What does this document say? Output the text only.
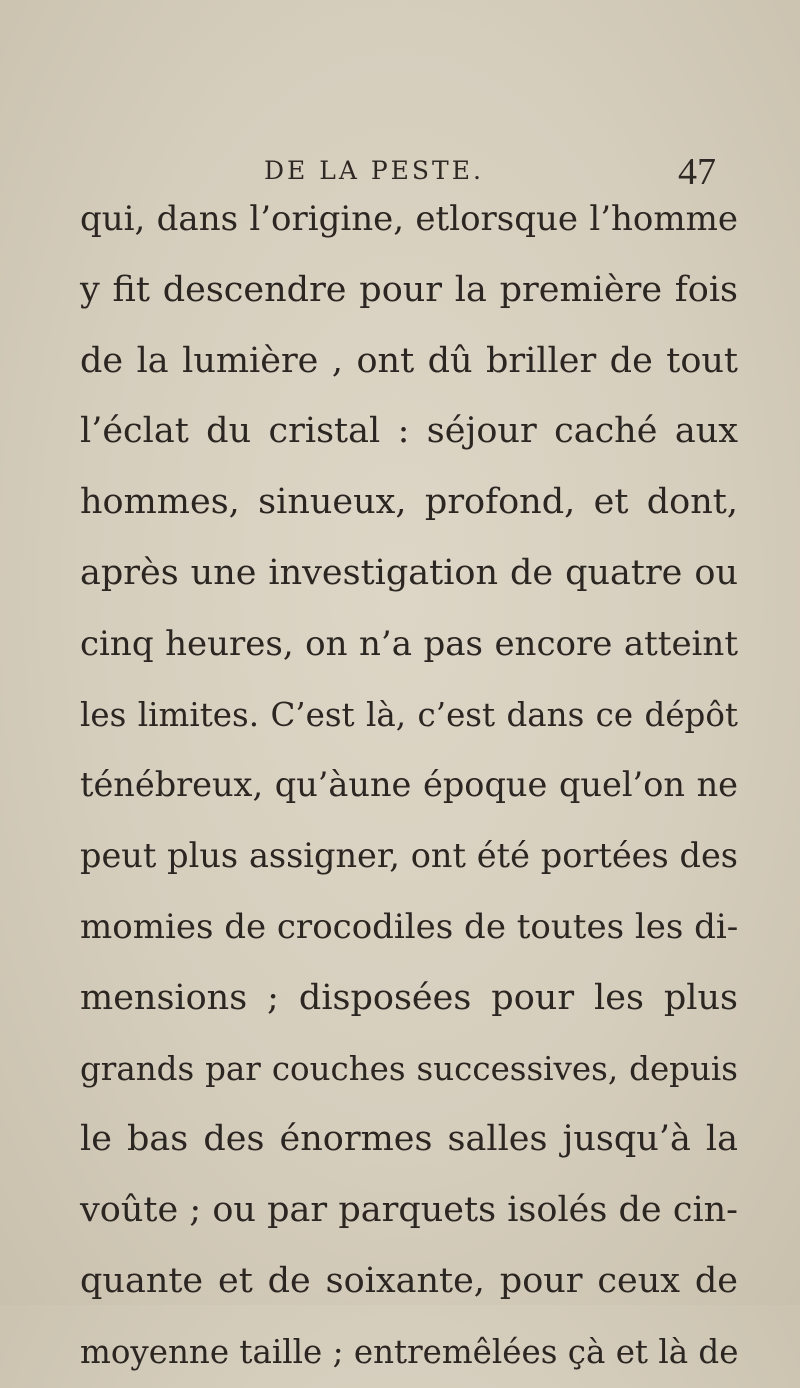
DE LA PESTE.	47
qui, dans l’origine, etlorsque l’homme
y fit descendre pour la première fois
de la lumière , ont dû briller de tout
l’éclat du cristal : séjour caché aux
hommes, sinueux, profond, et dont,
après une investigation de quatre ou
cinq heures, on n’a pas encore atteint
les limites. C’est là, c’est dans ce dépôt
ténébreux, qu’àune époque quel’on ne
peut plus assigner, ont été portées des
momies de crocodiles de toutes les di-
mensions ; disposées pour les plus
grands par couches successives, depuis
le bas des énormes salles jusqu’à la
voûte ; ou par parquets isolés de cin-
quante et de soixante, pour ceux de
moyenne taille ; entremêlées çà et là de
